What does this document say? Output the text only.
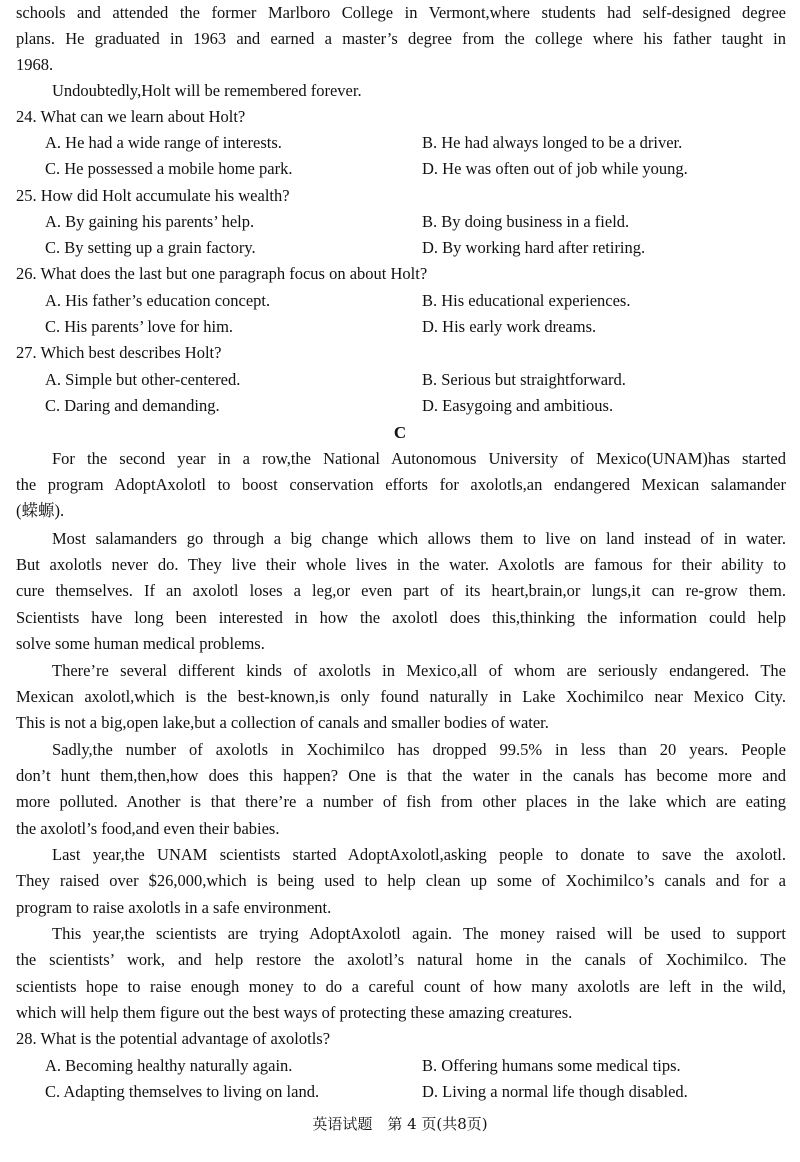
schools and attended the former Marlboro College in Vermont,where students had self-designed degree
plans. He graduated in 1963 and earned a master’s degree from the college where his father taught in
1968.
Undoubtedly,Holt will be remembered forever.
24. What can we learn about Holt?
A. He had a wide range of interests.	B. He had always longed to be a driver.
C. He possessed a mobile home park.	D. He was often out of job while young.
25. How did Holt accumulate his wealth?
A. By gaining his parents’ help.	B. By doing business in a field.
C. By setting up a grain factory.	D. By working hard after retiring.
26. What does the last but one paragraph focus on about Holt?
A. His father’s education concept.	B. His educational experiences.
C. His parents’ love for him.	D. His early work dreams.
27. Which best describes Holt?
A. Simple but other-centered.	B. Serious but straightforward.
C. Daring and demanding.	D. Easygoing and ambitious.
C
For the second year in a row,the National Autonomous University of Mexico(UNAM)has started
the program AdoptAxolotl to boost conservation efforts for axolotls,an endangered Mexican salamander
(蝾螈).
Most salamanders go through a big change which allows them to live on land instead of in water.
But axolotls never do. They live their whole lives in the water. Axolotls are famous for their ability to
cure themselves. If an axolotl loses a leg,or even part of its heart,brain,or lungs,it can re-grow them.
Scientists have long been interested in how the axolotl does this,thinking the information could help
solve some human medical problems.
There’re several different kinds of axolotls in Mexico,all of whom are seriously endangered. The
Mexican axolotl,which is the best-known,is only found naturally in Lake Xochimilco near Mexico City.
This is not a big,open lake,but a collection of canals and smaller bodies of water.
Sadly,the number of axolotls in Xochimilco has dropped 99.5% in less than 20 years. People
don’t hunt them,then,how does this happen? One is that the water in the canals has become more and
more polluted. Another is that there’re a number of fish from other places in the lake which are eating
the axolotl’s food,and even their babies.
Last year,the UNAM scientists started AdoptAxolotl,asking people to donate to save the axolotl.
They raised over $26,000,which is being used to help clean up some of Xochimilco’s canals and for a
program to raise axolotls in a safe environment.
This year,the scientists are trying AdoptAxolotl again. The money raised will be used to support
the scientists’ work, and help restore the axolotl’s natural home in the canals of Xochimilco. The
scientists hope to raise enough money to do a careful count of how many axolotls are left in the wild,
which will help them figure out the best ways of protecting these amazing creatures.
28. What is the potential advantage of axolotls?
A. Becoming healthy naturally again.	B. Offering humans some medical tips.
C. Adapting themselves to living on land.	D. Living a normal life though disabled.
英语试题　第 4 页(共8页)
